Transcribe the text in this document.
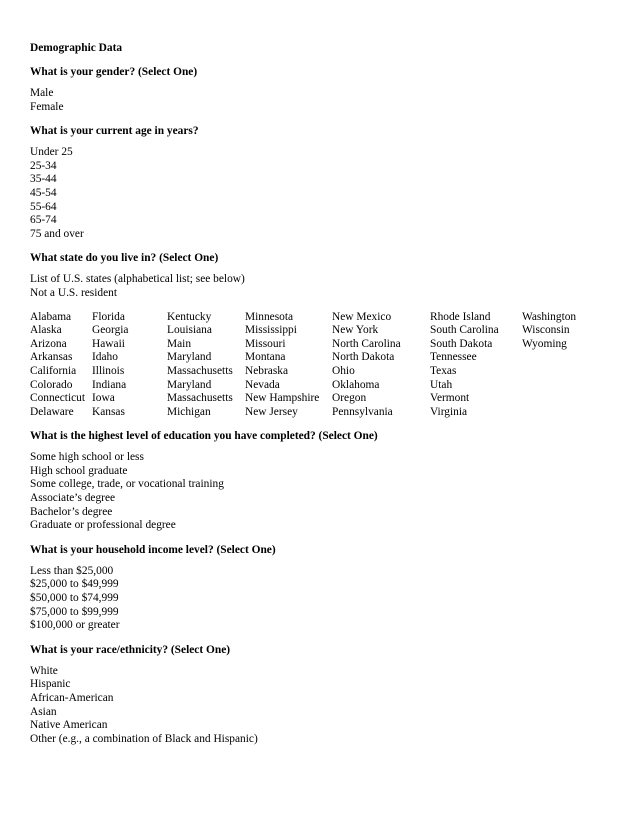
Demographic Data
What is your gender? (Select One)
Male
Female
What is your current age in years?
Under 25
25-34
35-44
45-54
55-64
65-74
75 and over
What state do you live in? (Select One)
List of U.S. states (alphabetical list; see below)
Not a U.S. resident
Alabama	Florida	Kentucky	Minnesota	New Mexico	Rhode Island	Washington
Alaska	Georgia	Louisiana	Mississippi	New York	South Carolina	Wisconsin
Arizona	Hawaii	Main	Missouri	North Carolina	South Dakota	Wyoming
Arkansas	Idaho	Maryland	Montana	North Dakota	Tennessee	
California	Illinois	Massachusetts	Nebraska	Ohio	Texas	
Colorado	Indiana	Maryland	Nevada	Oklahoma	Utah	
Connecticut	Iowa	Massachusetts	New Hampshire	Oregon	Vermont	
Delaware	Kansas	Michigan	New Jersey	Pennsylvania	Virginia	
What is the highest level of education you have completed? (Select One)
Some high school or less
High school graduate
Some college, trade, or vocational training
Associate’s degree
Bachelor’s degree
Graduate or professional degree
What is your household income level? (Select One)
Less than $25,000
$25,000 to $49,999
$50,000 to $74,999
$75,000 to $99,999
$100,000 or greater
What is your race/ethnicity? (Select One)
White
Hispanic
African-American
Asian
Native American
Other (e.g., a combination of Black and Hispanic)
